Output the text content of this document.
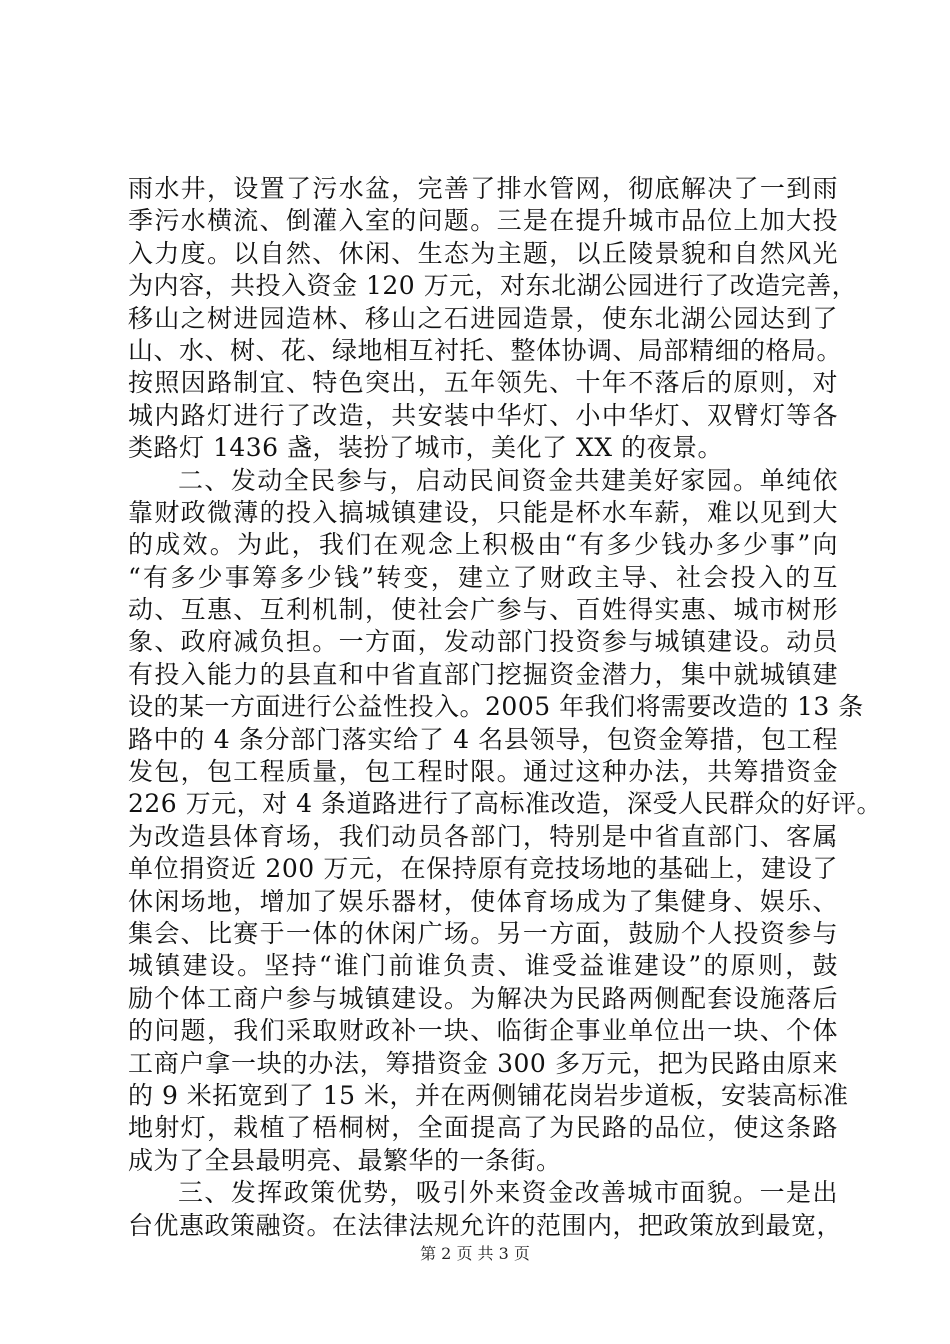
雨水井，设置了污水盆，完善了排水管网，彻底解决了一到雨
季污水横流、倒灌入室的问题。三是在提升城市品位上加大投
入力度。以自然、休闲、生态为主题，以丘陵景貌和自然风光
为内容，共投入资金 120 万元，对东北湖公园进行了改造完善，
移山之树进园造林、移山之石进园造景，使东北湖公园达到了
山、水、树、花、绿地相互衬托、整体协调、局部精细的格局。
按照因路制宜、特色突出，五年领先、十年不落后的原则，对
城内路灯进行了改造，共安装中华灯、小中华灯、双臂灯等各
类路灯 1436 盏，装扮了城市，美化了 XX 的夜景。
二、发动全民参与，启动民间资金共建美好家园。单纯依
靠财政微薄的投入搞城镇建设，只能是杯水车薪，难以见到大
的成效。为此，我们在观念上积极由“有多少钱办多少事”向
“有多少事筹多少钱”转变，建立了财政主导、社会投入的互
动、互惠、互利机制，使社会广参与、百姓得实惠、城市树形
象、政府减负担。一方面，发动部门投资参与城镇建设。动员
有投入能力的县直和中省直部门挖掘资金潜力，集中就城镇建
设的某一方面进行公益性投入。2005 年我们将需要改造的 13 条
路中的 4 条分部门落实给了 4 名县领导，包资金筹措，包工程
发包，包工程质量，包工程时限。通过这种办法，共筹措资金
226 万元，对 4 条道路进行了高标准改造，深受人民群众的好评。
为改造县体育场，我们动员各部门，特别是中省直部门、客属
单位捐资近 200 万元，在保持原有竞技场地的基础上，建设了
休闲场地，增加了娱乐器材，使体育场成为了集健身、娱乐、
集会、比赛于一体的休闲广场。另一方面，鼓励个人投资参与
城镇建设。坚持“谁门前谁负责、谁受益谁建设”的原则，鼓
励个体工商户参与城镇建设。为解决为民路两侧配套设施落后
的问题，我们采取财政补一块、临街企事业单位出一块、个体
工商户拿一块的办法，筹措资金 300 多万元，把为民路由原来
的 9 米拓宽到了 15 米，并在两侧铺花岗岩步道板，安装高标准
地射灯，栽植了梧桐树，全面提高了为民路的品位，使这条路
成为了全县最明亮、最繁华的一条街。
三、发挥政策优势，吸引外来资金改善城市面貌。一是出
台优惠政策融资。在法律法规允许的范围内，把政策放到最宽，
第 2 页 共 3 页
